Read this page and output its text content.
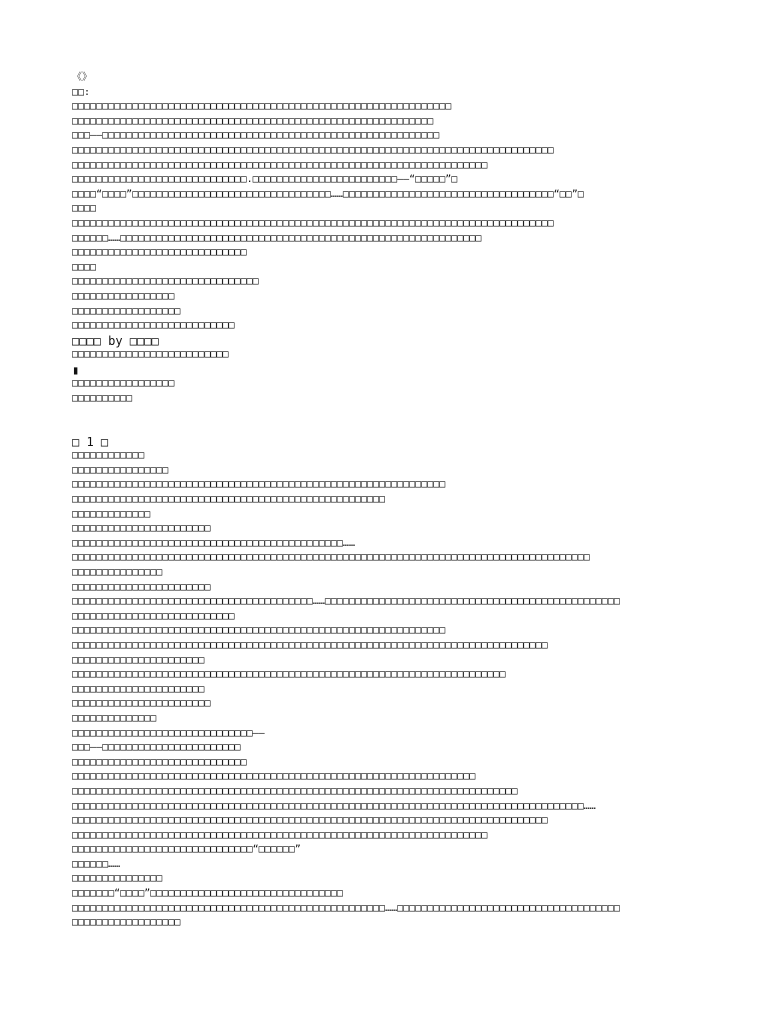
《》
□□:
□□□□□□□□□□□□□□□□□□□□□□□□□□□□□□□□□□□□□□□□□□□□□□□□□□□□□□□□□□□□□□□
□□□□□□□□□□□□□□□□□□□□□□□□□□□□□□□□□□□□□□□□□□□□□□□□□□□□□□□□□□□□
□□□——□□□□□□□□□□□□□□□□□□□□□□□□□□□□□□□□□□□□□□□□□□□□□□□□□□□□□□□□
□□□□□□□□□□□□□□□□□□□□□□□□□□□□□□□□□□□□□□□□□□□□□□□□□□□□□□□□□□□□□□□□□□□□□□□□□□□□□□□□
□□□□□□□□□□□□□□□□□□□□□□□□□□□□□□□□□□□□□□□□□□□□□□□□□□□□□□□□□□□□□□□□□□□□□
□□□□□□□□□□□□□□□□□□□□□□□□□□□□□.□□□□□□□□□□□□□□□□□□□□□□□□——“□□□□□”□
□□□□“□□□□”□□□□□□□□□□□□□□□□□□□□□□□□□□□□□□□□□……□□□□□□□□□□□□□□□□□□□□□□□□□□□□□□□□□□□“□□”□
□□□□
□□□□□□□□□□□□□□□□□□□□□□□□□□□□□□□□□□□□□□□□□□□□□□□□□□□□□□□□□□□□□□□□□□□□□□□□□□□□□□□□
□□□□□□……□□□□□□□□□□□□□□□□□□□□□□□□□□□□□□□□□□□□□□□□□□□□□□□□□□□□□□□□□□□□
□□□□□□□□□□□□□□□□□□□□□□□□□□□□□
□□□□
□□□□□□□□□□□□□□□□□□□□□□□□□□□□□□□
□□□□□□□□□□□□□□□□□
□□□□□□□□□□□□□□□□□□
□□□□□□□□□□□□□□□□□□□□□□□□□□□
□□□□ by □□□□
□□□□□□□□□□□□□□□□□□□□□□□□□□
▮
□□□□□□□□□□□□□□□□□
□□□□□□□□□□
□ 1 □
□□□□□□□□□□□□
□□□□□□□□□□□□□□□□
□□□□□□□□□□□□□□□□□□□□□□□□□□□□□□□□□□□□□□□□□□□□□□□□□□□□□□□□□□□□□□
□□□□□□□□□□□□□□□□□□□□□□□□□□□□□□□□□□□□□□□□□□□□□□□□□□□□
□□□□□□□□□□□□□
□□□□□□□□□□□□□□□□□□□□□□□
□□□□□□□□□□□□□□□□□□□□□□□□□□□□□□□□□□□□□□□□□□□□□……
□□□□□□□□□□□□□□□□□□□□□□□□□□□□□□□□□□□□□□□□□□□□□□□□□□□□□□□□□□□□□□□□□□□□□□□□□□□□□□□□□□□□□□
□□□□□□□□□□□□□□□
□□□□□□□□□□□□□□□□□□□□□□□
□□□□□□□□□□□□□□□□□□□□□□□□□□□□□□□□□□□□□□□□……□□□□□□□□□□□□□□□□□□□□□□□□□□□□□□□□□□□□□□□□□□□□□□□□□
□□□□□□□□□□□□□□□□□□□□□□□□□□□
□□□□□□□□□□□□□□□□□□□□□□□□□□□□□□□□□□□□□□□□□□□□□□□□□□□□□□□□□□□□□□
□□□□□□□□□□□□□□□□□□□□□□□□□□□□□□□□□□□□□□□□□□□□□□□□□□□□□□□□□□□□□□□□□□□□□□□□□□□□□□□
□□□□□□□□□□□□□□□□□□□□□□
□□□□□□□□□□□□□□□□□□□□□□□□□□□□□□□□□□□□□□□□□□□□□□□□□□□□□□□□□□□□□□□□□□□□□□□□
□□□□□□□□□□□□□□□□□□□□□□
□□□□□□□□□□□□□□□□□□□□□□□
□□□□□□□□□□□□□□
□□□□□□□□□□□□□□□□□□□□□□□□□□□□□□——
□□□——□□□□□□□□□□□□□□□□□□□□□□□
□□□□□□□□□□□□□□□□□□□□□□□□□□□□□
□□□□□□□□□□□□□□□□□□□□□□□□□□□□□□□□□□□□□□□□□□□□□□□□□□□□□□□□□□□□□□□□□□□
□□□□□□□□□□□□□□□□□□□□□□□□□□□□□□□□□□□□□□□□□□□□□□□□□□□□□□□□□□□□□□□□□□□□□□□□□□
□□□□□□□□□□□□□□□□□□□□□□□□□□□□□□□□□□□□□□□□□□□□□□□□□□□□□□□□□□□□□□□□□□□□□□□□□□□□□□□□□□□□□……
□□□□□□□□□□□□□□□□□□□□□□□□□□□□□□□□□□□□□□□□□□□□□□□□□□□□□□□□□□□□□□□□□□□□□□□□□□□□□□□
□□□□□□□□□□□□□□□□□□□□□□□□□□□□□□□□□□□□□□□□□□□□□□□□□□□□□□□□□□□□□□□□□□□□□
□□□□□□□□□□□□□□□□□□□□□□□□□□□□□□“□□□□□□”
□□□□□□……
□□□□□□□□□□□□□□□
□□□□□□□“□□□□”□□□□□□□□□□□□□□□□□□□□□□□□□□□□□□□□
□□□□□□□□□□□□□□□□□□□□□□□□□□□□□□□□□□□□□□□□□□□□□□□□□□□□……□□□□□□□□□□□□□□□□□□□□□□□□□□□□□□□□□□□□□
□□□□□□□□□□□□□□□□□□
